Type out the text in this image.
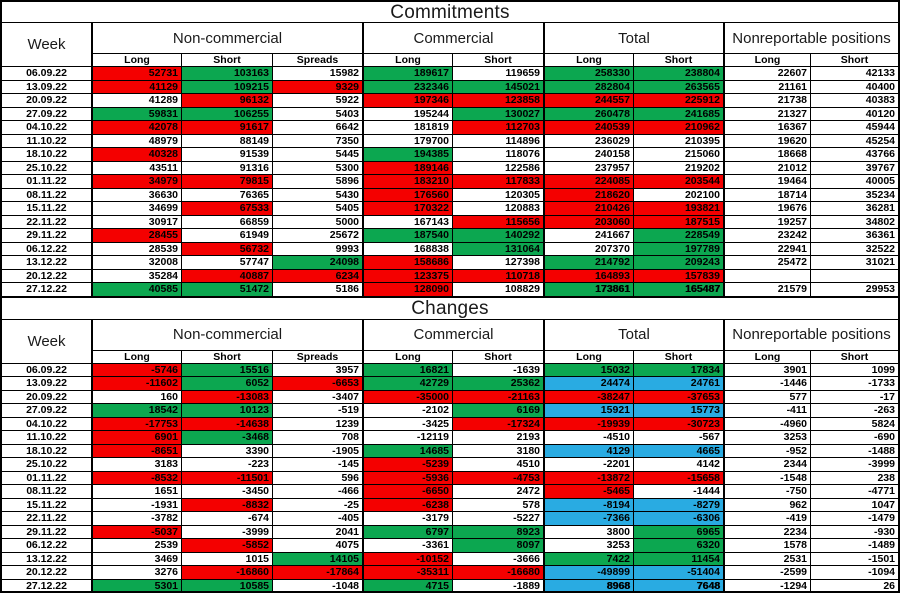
Commitments
Week	Non-commercial	Commercial	Total	Nonreportable positions
Long	Short	Spreads	Long	Short	Long	Short	Long	Short
06.09.22	52731	103163	15982	189617	119659	258330	238804	22607	42133
13.09.22	41129	109215	9329	232346	145021	282804	263565	21161	40400
20.09.22	41289	96132	5922	197346	123858	244557	225912	21738	40383
27.09.22	59831	106255	5403	195244	130027	260478	241685	21327	40120
04.10.22	42078	91617	6642	181819	112703	240539	210962	16367	45944
11.10.22	48979	88149	7350	179700	114896	236029	210395	19620	45254
18.10.22	40328	91539	5445	194385	118076	240158	215060	18668	43766
25.10.22	43511	91316	5300	189146	122586	237957	219202	21012	39767
01.11.22	34979	79815	5896	183210	117833	224085	203544	19464	40005
08.11.22	36630	76365	5430	176560	120305	218620	202100	18714	35234
15.11.22	34699	67533	5405	170322	120883	210426	193821	19676	36281
22.11.22	30917	66859	5000	167143	115656	203060	187515	19257	34802
29.11.22	28455	61949	25672	187540	140292	241667	228549	23242	36361
06.12.22	28539	56732	9993	168838	131064	207370	197789	22941	32522
13.12.22	32008	57747	24098	158686	127398	214792	209243	25472	31021
20.12.22	35284	40887	6234	123375	110718	164893	157839
27.12.22	40585	51472	5186	128090	108829	173861	165487	21579	29953
Changes
Week	Non-commercial	Commercial	Total	Nonreportable positions
Long	Short	Spreads	Long	Short	Long	Short	Long	Short
06.09.22	-5746	15516	3957	16821	-1639	15032	17834	3901	1099
13.09.22	-11602	6052	-6653	42729	25362	24474	24761	-1446	-1733
20.09.22	160	-13083	-3407	-35000	-21163	-38247	-37653	577	-17
27.09.22	18542	10123	-519	-2102	6169	15921	15773	-411	-263
04.10.22	-17753	-14638	1239	-3425	-17324	-19939	-30723	-4960	5824
11.10.22	6901	-3468	708	-12119	2193	-4510	-567	3253	-690
18.10.22	-8651	3390	-1905	14685	3180	4129	4665	-952	-1488
25.10.22	3183	-223	-145	-5239	4510	-2201	4142	2344	-3999
01.11.22	-8532	-11501	596	-5936	-4753	-13872	-15658	-1548	238
08.11.22	1651	-3450	-466	-6650	2472	-5465	-1444	-750	-4771
15.11.22	-1931	-8832	-25	-6238	578	-8194	-8279	962	1047
22.11.22	-3782	-674	-405	-3179	-5227	-7366	-6306	-419	-1479
29.11.22	-5037	-3999	2041	6797	8923	3800	6965	2234	-930
06.12.22	2539	-5852	4075	-3361	8097	3253	6320	1578	-1489
13.12.22	3469	1015	14105	-10152	-3666	7422	11454	2531	-1501
20.12.22	3276	-16860	-17864	-35311	-16680	-49899	-51404	-2599	-1094
27.12.22	5301	10585	-1048	4715	-1889	8968	7648	-1294	26
